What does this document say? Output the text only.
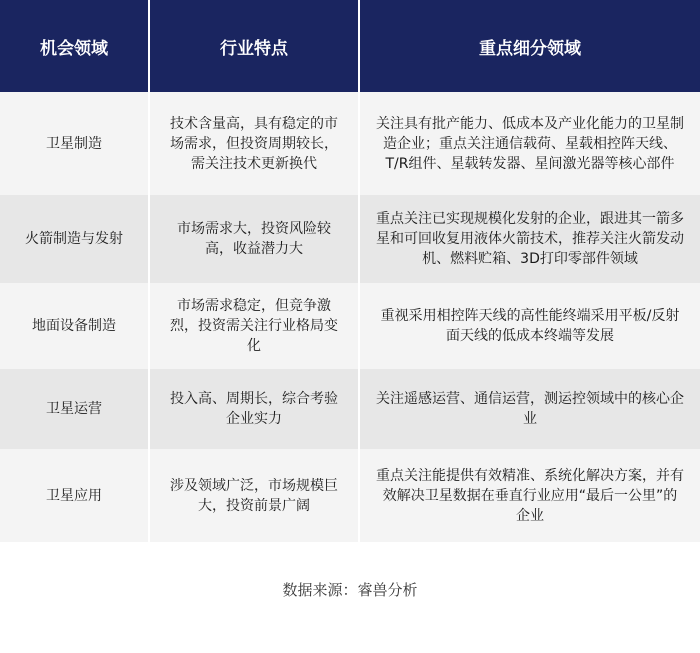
机会领域	行业特点	重点细分领域
卫星制造
技术含量高，具有稳定的市场需求，但投资周期较长，需关注技术更新换代
关注具有批产能力、低成本及产业化能力的卫星制造企业；重点关注通信载荷、星载相控阵天线、T/R组件、星载转发器、星间激光器等核心部件
火箭制造与发射
市场需求大，投资风险较高，收益潜力大
重点关注已实现规模化发射的企业，跟进其一箭多星和可回收复用液体火箭技术，推荐关注火箭发动机、燃料贮箱、3D打印零部件领域
地面设备制造
市场需求稳定，但竞争激烈，投资需关注行业格局变化
重视采用相控阵天线的高性能终端采用平板/反射面天线的低成本终端等发展
卫星运营
投入高、周期长，综合考验企业实力
关注遥感运营、通信运营，测运控领域中的核心企业
卫星应用
涉及领域广泛，市场规模巨大，投资前景广阔
重点关注能提供有效精准、系统化解决方案，并有效解决卫星数据在垂直行业应用“最后一公里”的企业
数据来源：睿兽分析
